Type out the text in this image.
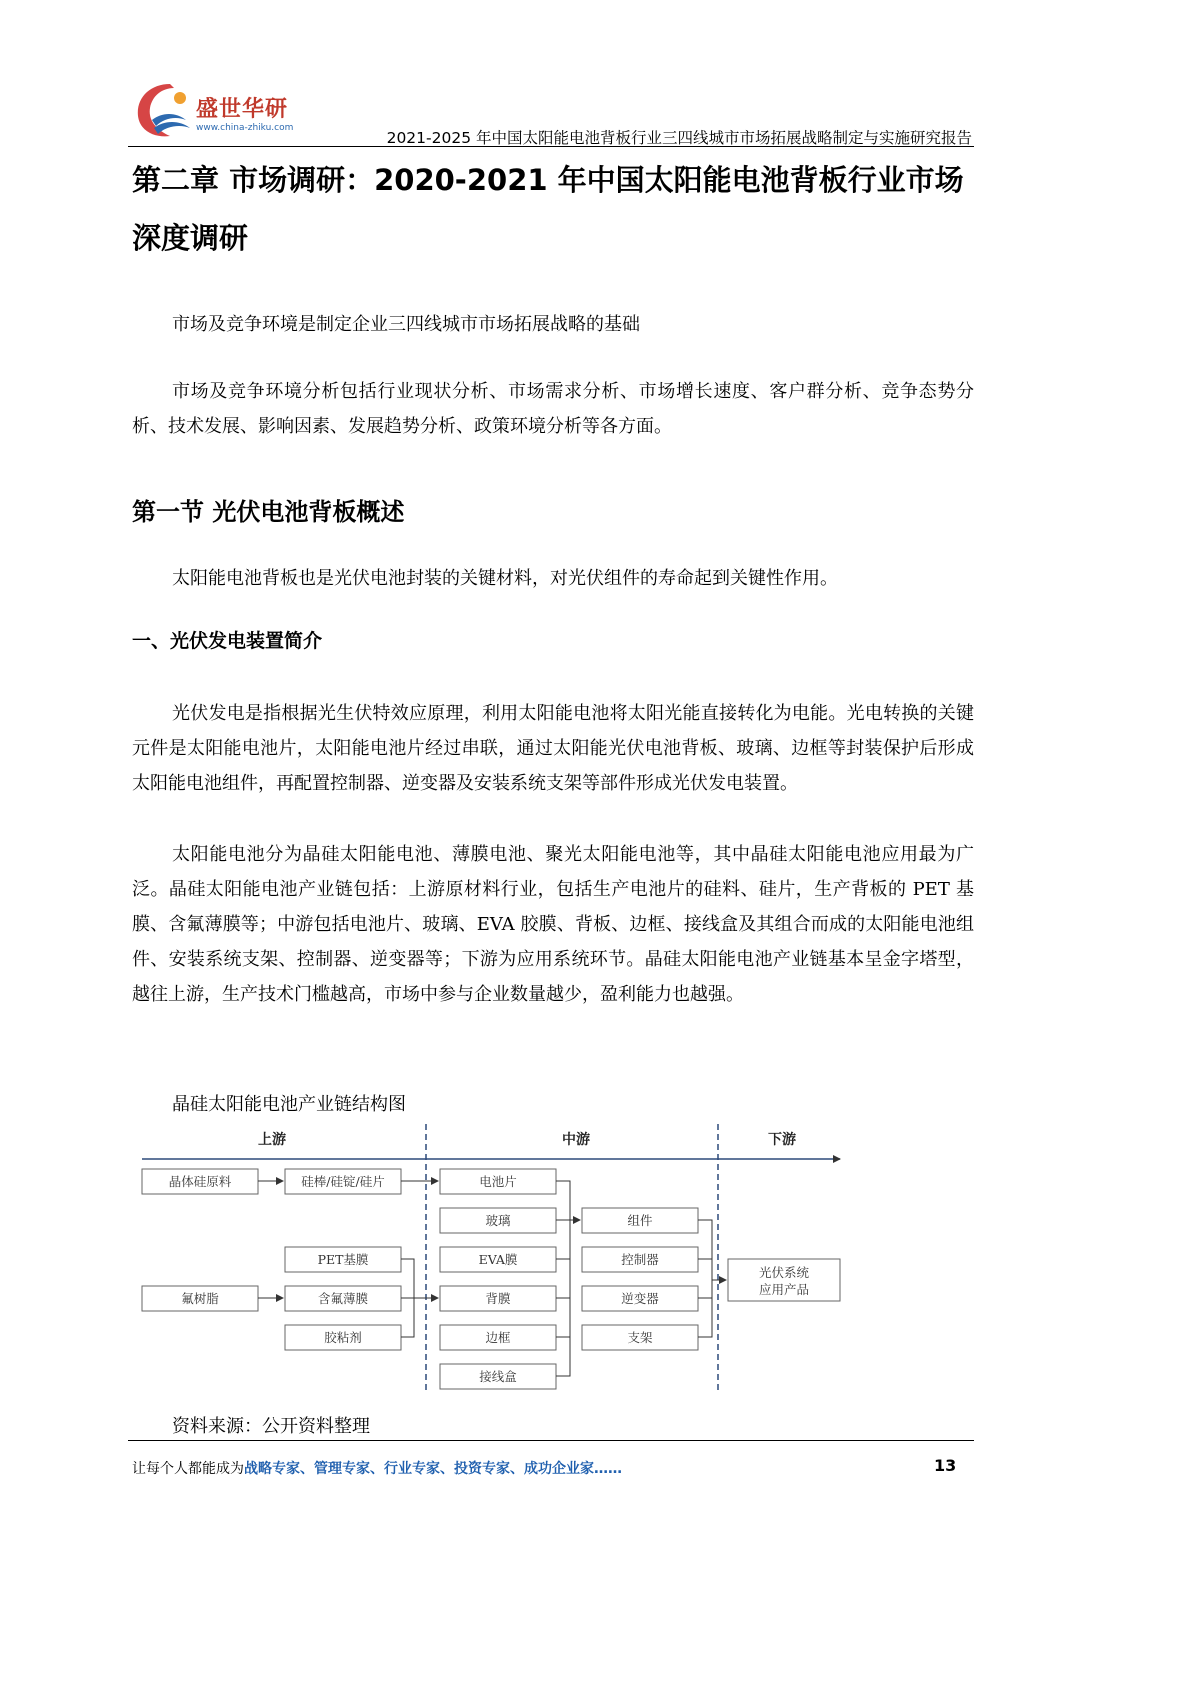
盛世华研
www.china-zhiku.com
2021-2025 年中国太阳能电池背板行业三四线城市市场拓展战略制定与实施研究报告
第二章 市场调研：2020-2021 年中国太阳能电池背板行业市场
深度调研
市场及竞争环境是制定企业三四线城市市场拓展战略的基础
市场及竞争环境分析包括行业现状分析、市场需求分析、市场增长速度、客户群分析、竞争态势分析、技术发展、影响因素、发展趋势分析、政策环境分析等各方面。
第一节 光伏电池背板概述
太阳能电池背板也是光伏电池封装的关键材料，对光伏组件的寿命起到关键性作用。
一、光伏发电装置简介
光伏发电是指根据光生伏特效应原理，利用太阳能电池将太阳光能直接转化为电能。光电转换的关键元件是太阳能电池片，太阳能电池片经过串联，通过太阳能光伏电池背板、玻璃、边框等封装保护后形成太阳能电池组件，再配置控制器、逆变器及安装系统支架等部件形成光伏发电装置。
太阳能电池分为晶硅太阳能电池、薄膜电池、聚光太阳能电池等，其中晶硅太阳能电池应用最为广泛。晶硅太阳能电池产业链包括：上游原材料行业，包括生产电池片的硅料、硅片，生产背板的 PET 基膜、含氟薄膜等；中游包括电池片、玻璃、EVA 胶膜、背板、边框、接线盒及其组合而成的太阳能电池组件、安装系统支架、控制器、逆变器等；下游为应用系统环节。晶硅太阳能电池产业链基本呈金字塔型，越往上游，生产技术门槛越高，市场中参与企业数量越少，盈利能力也越强。
晶硅太阳能电池产业链结构图
上游	中游	下游
晶体硅原料	硅棒/硅锭/硅片
氟树脂
PET基膜
含氟薄膜
胶粘剂
电池片
玻璃
EVA膜
背膜
边框
接线盒
组件
控制器
逆变器
支架
光伏系统
应用产品
资料来源：公开资料整理
让每个人都能成为战略专家、管理专家、行业专家、投资专家、成功企业家……	13
